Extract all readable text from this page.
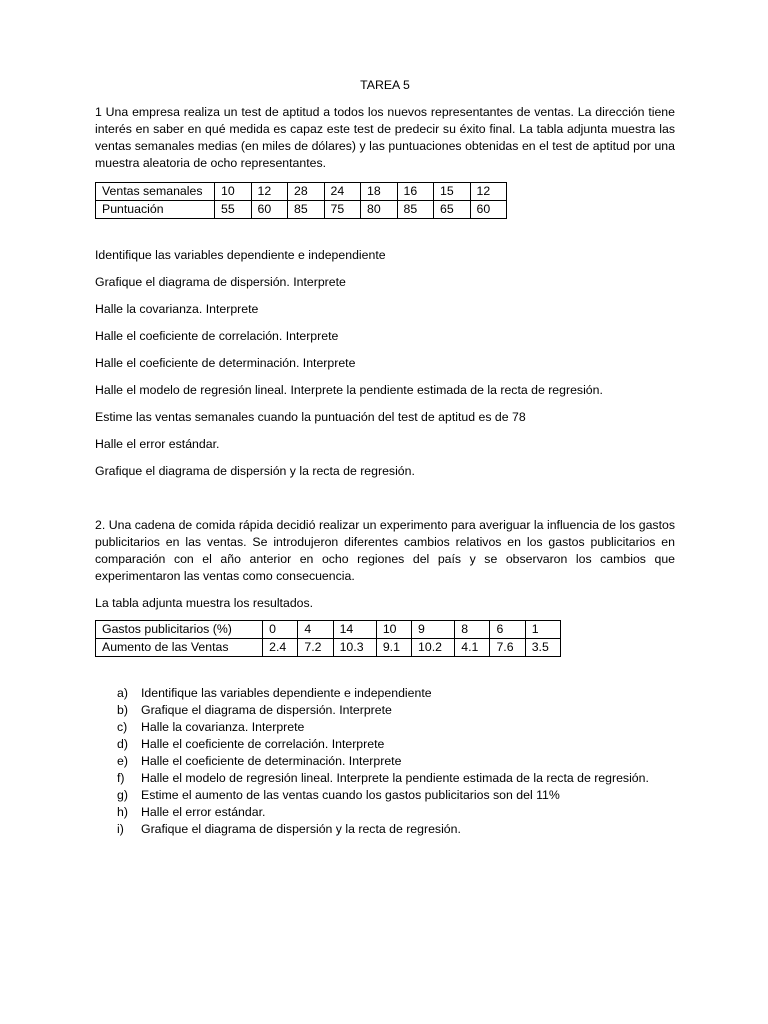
TAREA 5

1 Una empresa realiza un test de aptitud a todos los nuevos representantes de ventas. La dirección tiene interés en saber en qué medida es capaz este test de predecir su éxito final. La tabla adjunta muestra las ventas semanales medias (en miles de dólares) y las puntuaciones obtenidas en el test de aptitud por una muestra aleatoria de ocho representantes.

Ventas semanales	10	12	28	24	18	16	15	12
Puntuación	55	60	85	75	80	85	65	60

Identifique las variables dependiente e independiente

Grafique el diagrama de dispersión. Interprete

Halle la covarianza. Interprete

Halle el coeficiente de correlación. Interprete

Halle el coeficiente de determinación. Interprete

Halle el modelo de regresión lineal. Interprete la pendiente estimada de la recta de regresión.

Estime las ventas semanales cuando la puntuación del test de aptitud es de 78

Halle el error estándar.

Grafique el diagrama de dispersión y la recta de regresión.

2. Una cadena de comida rápida decidió realizar un experimento para averiguar la influencia de los gastos publicitarios en las ventas. Se introdujeron diferentes cambios relativos en los gastos publicitarios en comparación con el año anterior en ocho regiones del país y se observaron los cambios que experimentaron las ventas como consecuencia.

La tabla adjunta muestra los resultados.

Gastos publicitarios (%)	0	4	14	10	9	8	6	1
Aumento de las Ventas	2.4	7.2	10.3	9.1	10.2	4.1	7.6	3.5
a)	Identifique las variables dependiente e independiente
b)	Grafique el diagrama de dispersión. Interprete
c)	Halle la covarianza. Interprete
d)	Halle el coeficiente de correlación. Interprete
e)	Halle el coeficiente de determinación. Interprete
f)	Halle el modelo de regresión lineal. Interprete la pendiente estimada de la recta de regresión.
g)	Estime el aumento de las ventas cuando los gastos publicitarios son del 11%
h)	Halle el error estándar.
i)	Grafique el diagrama de dispersión y la recta de regresión.
